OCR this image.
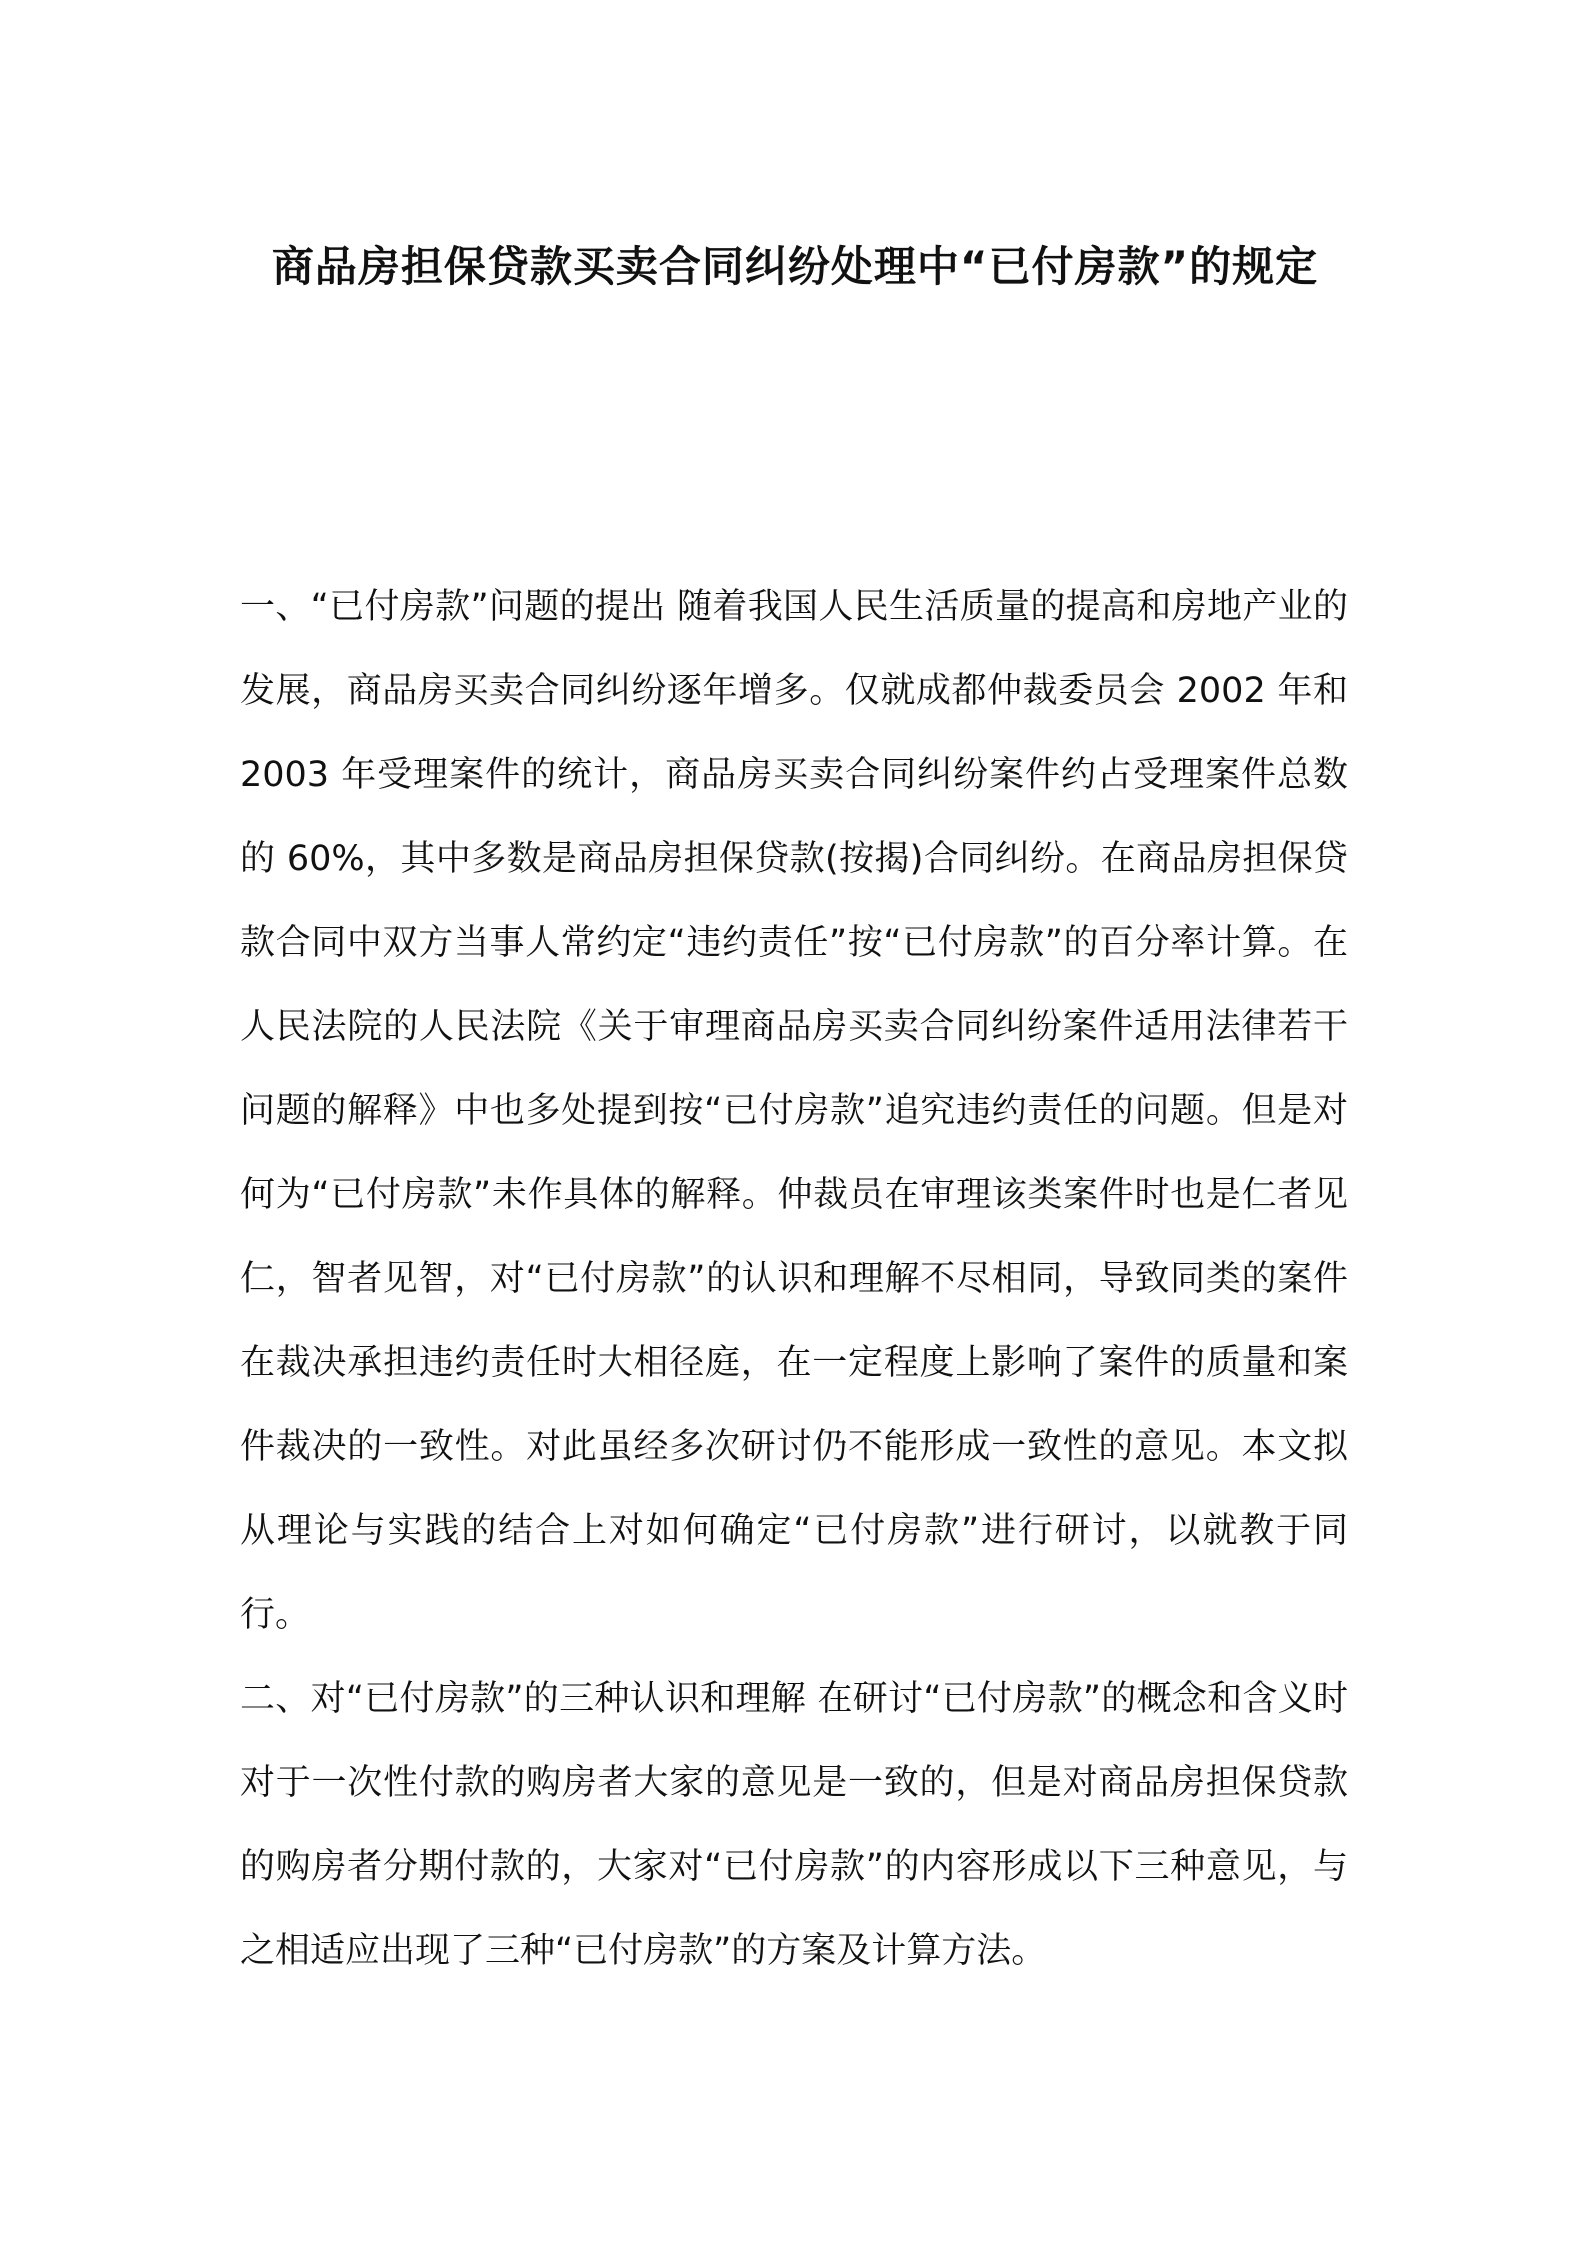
商品房担保贷款买卖合同纠纷处理中“已付房款”的规定

一、“已付房款”问题的提出 随着我国人民生活质量的提高和房地产业的发展，商品房买卖合同纠纷逐年增多。仅就成都仲裁委员会 2002 年和 2003 年受理案件的统计，商品房买卖合同纠纷案件约占受理案件总数的 60%，其中多数是商品房担保贷款(按揭)合同纠纷。在商品房担保贷款合同中双方当事人常约定“违约责任”按“已付房款”的百分率计算。在人民法院的人民法院《关于审理商品房买卖合同纠纷案件适用法律若干问题的解释》中也多处提到按“已付房款”追究违约责任的问题。但是对何为“已付房款”未作具体的解释。仲裁员在审理该类案件时也是仁者见仁，智者见智，对“已付房款”的认识和理解不尽相同，导致同类的案件在裁决承担违约责任时大相径庭，在一定程度上影响了案件的质量和案件裁决的一致性。对此虽经多次研讨仍不能形成一致性的意见。本文拟从理论与实践的结合上对如何确定“已付房款”进行研讨，以就教于同行。

二、对“已付房款”的三种认识和理解 在研讨“已付房款”的概念和含义时对于一次性付款的购房者大家的意见是一致的，但是对商品房担保贷款的购房者分期付款的，大家对“已付房款”的内容形成以下三种意见，与之相适应出现了三种“已付房款”的方案及计算方法。
